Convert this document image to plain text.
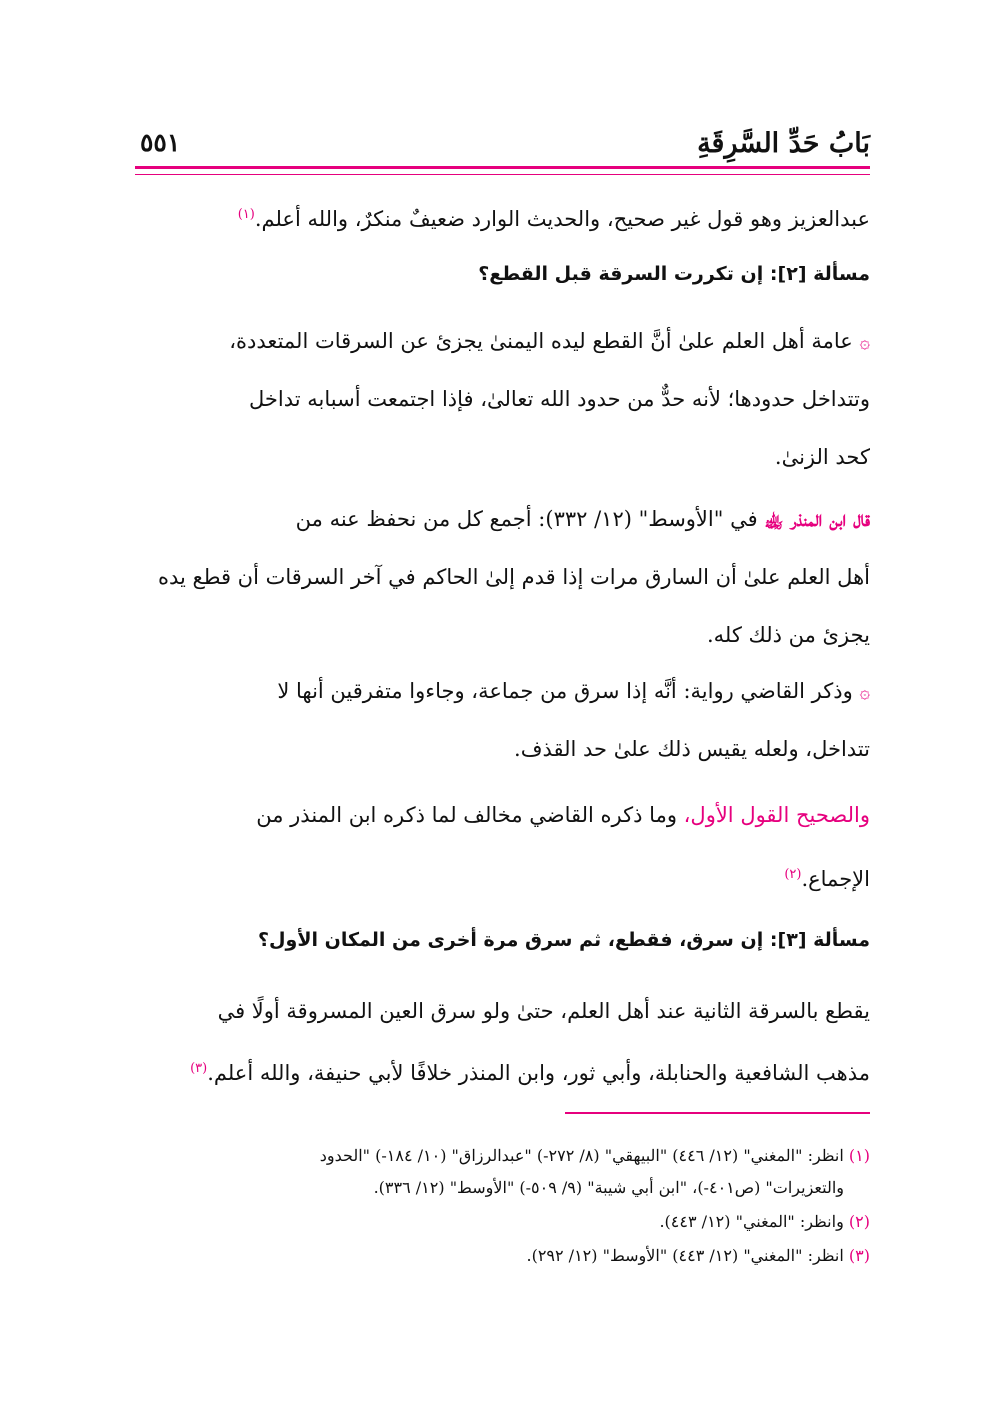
بَابُ حَدِّ السَّرِقَةِ
٥٥١
عبدالعزيز وهو قول غير صحيح، والحديث الوارد ضعيفٌ منكرٌ، والله أعلم.$^{(١)}$
مسألة [٢]: إن تكررت السرقة قبل القطع؟
۞ عامة أهل العلم علىٰ أنَّ القطع ليده اليمنىٰ يجزئ عن السرقات المتعددة،
وتتداخل حدودها؛ لأنه حدٌّ من حدود الله تعالىٰ، فإذا اجتمعت أسبابه تداخل
كحد الزنىٰ.
قال ابن المنذر ﵀ في "الأوسط" (١٢/ ٣٣٢): أجمع كل من نحفظ عنه من
أهل العلم علىٰ أن السارق مرات إذا قدم إلىٰ الحاكم في آخر السرقات أن قطع يده
يجزئ من ذلك كله.
۞ وذكر القاضي رواية: أنَّه إذا سرق من جماعة، وجاءوا متفرقين أنها لا
تتداخل، ولعله يقيس ذلك علىٰ حد القذف.
والصحيح القول الأول، وما ذكره القاضي مخالف لما ذكره ابن المنذر من
الإجماع.$^{(٢)}$
مسألة [٣]: إن سرق، فقطع، ثم سرق مرة أخرى من المكان الأول؟
يقطع بالسرقة الثانية عند أهل العلم، حتىٰ ولو سرق العين المسروقة أولًا في
مذهب الشافعية والحنابلة، وأبي ثور، وابن المنذر خلافًا لأبي حنيفة، والله أعلم.$^{(٣)}$
(١) انظر: "المغني" (١٢/ ٤٤٦) "البيهقي" (٨/ ٢٧٢-) "عبدالرزاق" (١٠/ ١٨٤-) "الحدود
والتعزيرات" (ص٤٠١-)، "ابن أبي شيبة" (٩/ ٥٠٩-) "الأوسط" (١٢/ ٣٣٦).
(٢) وانظر: "المغني" (١٢/ ٤٤٣).
(٣) انظر: "المغني" (١٢/ ٤٤٣) "الأوسط" (١٢/ ٢٩٢).
